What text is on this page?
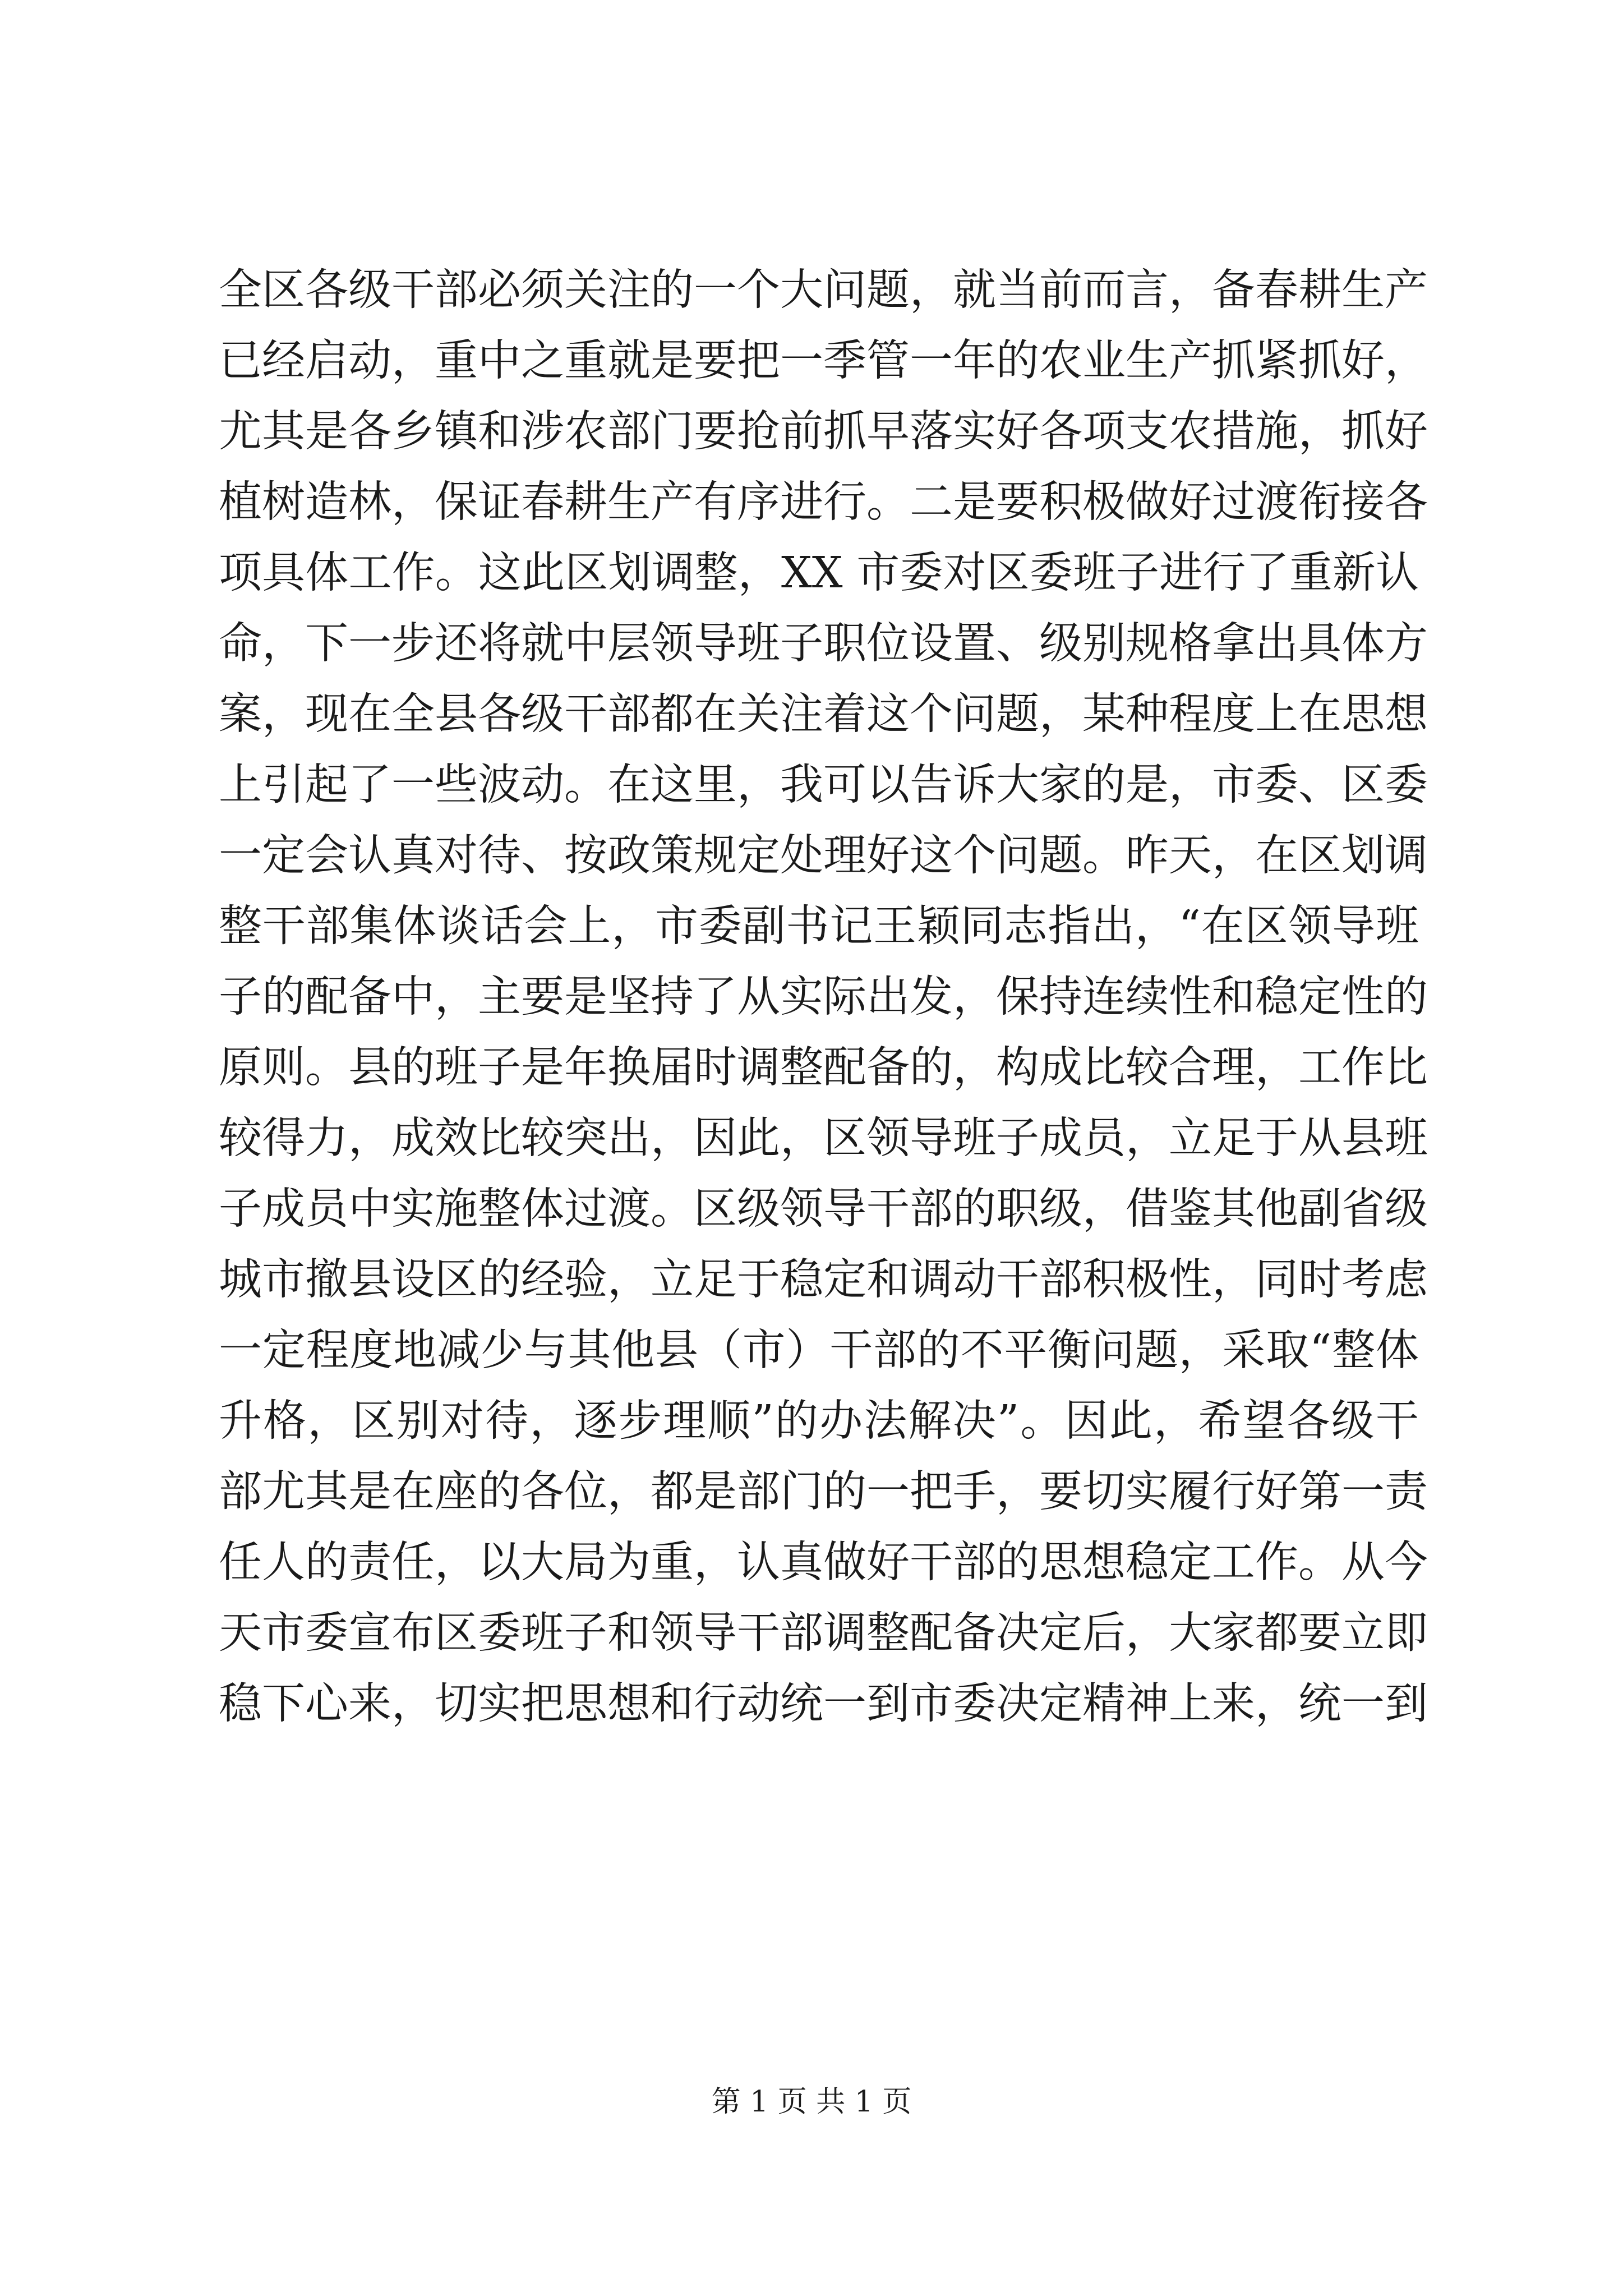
全区各级干部必须关注的一个大问题，就当前而言，备春耕生产
已经启动，重中之重就是要把一季管一年的农业生产抓紧抓好，
尤其是各乡镇和涉农部门要抢前抓早落实好各项支农措施，抓好
植树造林，保证春耕生产有序进行。二是要积极做好过渡衔接各
项具体工作。这此区划调整，XX 市委对区委班子进行了重新认
命，下一步还将就中层领导班子职位设置、级别规格拿出具体方
案，现在全县各级干部都在关注着这个问题，某种程度上在思想
上引起了一些波动。在这里，我可以告诉大家的是，市委、区委
一定会认真对待、按政策规定处理好这个问题。昨天，在区划调
整干部集体谈话会上，市委副书记王颖同志指出，“在区领导班
子的配备中，主要是坚持了从实际出发，保持连续性和稳定性的
原则。县的班子是年换届时调整配备的，构成比较合理，工作比
较得力，成效比较突出，因此，区领导班子成员，立足于从县班
子成员中实施整体过渡。区级领导干部的职级，借鉴其他副省级
城市撤县设区的经验，立足于稳定和调动干部积极性，同时考虑
一定程度地减少与其他县（市）干部的不平衡问题，采取“整体
升格，区别对待，逐步理顺”的办法解决”。因此，希望各级干
部尤其是在座的各位，都是部门的一把手，要切实履行好第一责
任人的责任，以大局为重，认真做好干部的思想稳定工作。从今
天市委宣布区委班子和领导干部调整配备决定后，大家都要立即
稳下心来，切实把思想和行动统一到市委决定精神上来，统一到
第 1 页 共 1 页
